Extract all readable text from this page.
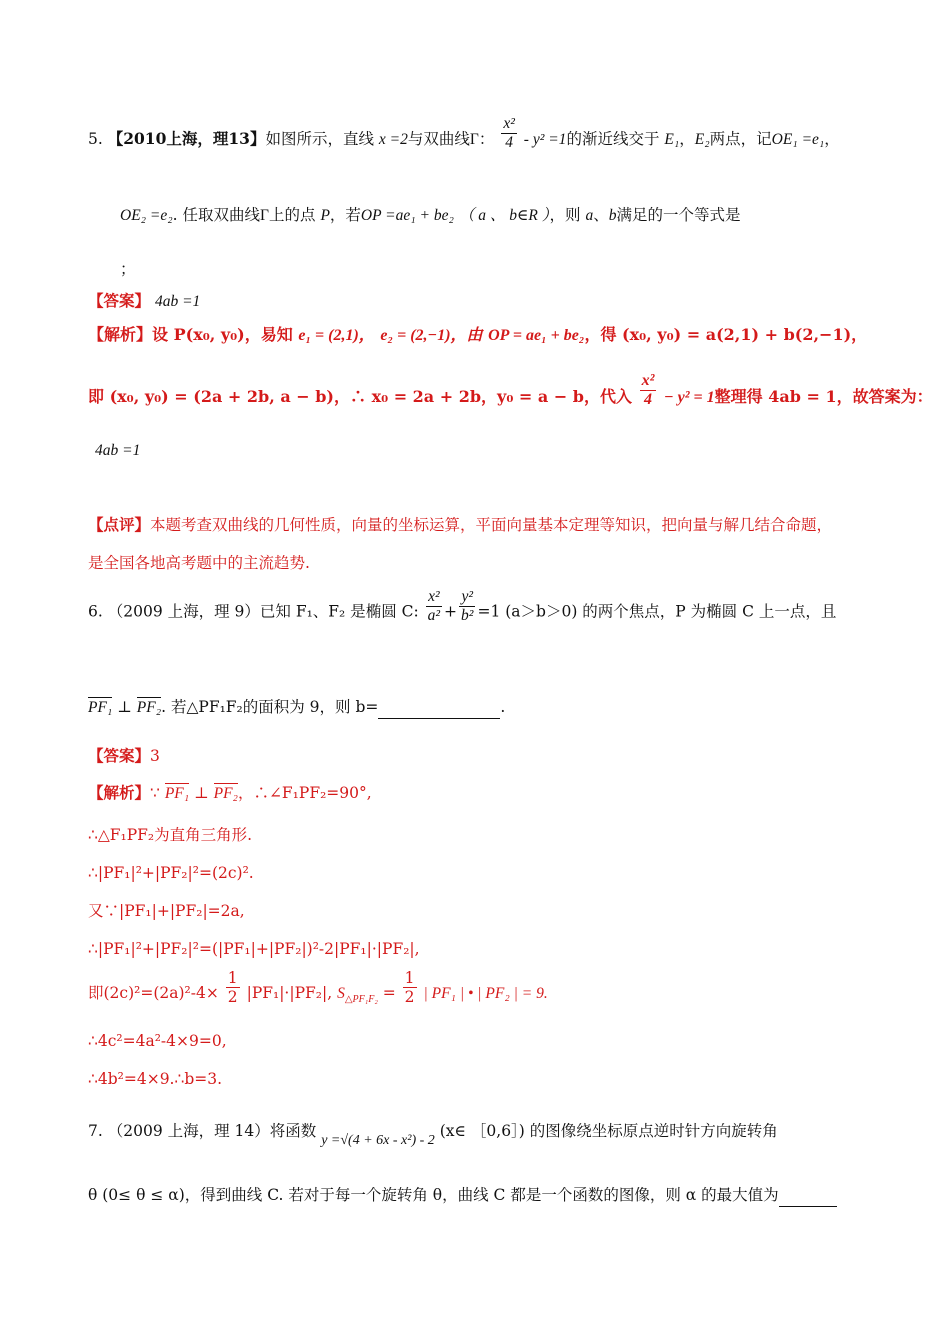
5. 【2010上海，理13】如图所示，直线 x =2与双曲线Γ： $\frac{\text{x²}}{4} - y^2 =1$的渐近线交于 E₁，E₂两点，记OE₁ =e₁，
OE₂ =e₂. 任取双曲线Γ上的点 P，若OP =ae₁ + be₂ （ a 、 b∈R ），则 a、b满足的一个等式是
；
【答案】 4ab =1
【解析】设 P(x₀, y₀)，易知 e₁ = (2,1)， e₂ = (2,−1)，由 OP = ae₁ + be₂，得 (x₀, y₀) = a(2,1) + b(2,−1)，
即 (x₀, y₀) = (2a + 2b, a − b)，∴ x₀ = 2a + 2b，y₀ = a − b，代入 $\frac{\text{x²}}{4} - y^2 = 1$整理得 4ab = 1，故答案为：
4ab =1
【点评】本题考查双曲线的几何性质，向量的坐标运算，平面向量基本定理等知识，把向量与解几结合命题，
是全国各地高考题中的主流趋势.
6. （2009 上海，理 9）已知 F₁、F₂ 是椭圆 C: $\frac{\text{x²}}{\text{a²}} + \frac{\text{y²}}{\text{b²}} =1$ (a＞b＞0) 的两个焦点，P 为椭圆 C 上一点，且
PF₁ ⊥ PF₂. 若△PF₁F₂的面积为 9，则 b=	.
【答案】3
【解析】∵ PF₁ ⊥ PF₂，∴∠F₁PF₂=90°,
∴△F₁PF₂为直角三角形.
∴|PF₁|²+|PF₂|²=(2c)².
又∵|PF₁|+|PF₂|=2a,
∴|PF₁|²+|PF₂|²=(|PF₁|+|PF₂|)²-2|PF₁|·|PF₂|,
即$(2c)^2=(2a)^2-4\times \frac{1}{2} |PF_1|\cdot|PF_2|$, $S_{\triangle PF_1F_2} = \frac{1}{2}$ | PF₁ | • | PF₂ | = 9.
∴4c²=4a²-4×9=0,
∴4b²=4×9.∴b=3.
7. （2009 上海，理 14）将函数 y =√(4 + 6x - x²) - 2 (x∈ ［0,6］) 的图像绕坐标原点逆时针方向旋转角
θ (0≤ θ ≤ α)，得到曲线 C. 若对于每一个旋转角 θ，曲线 C 都是一个函数的图像，则 α 的最大值为
